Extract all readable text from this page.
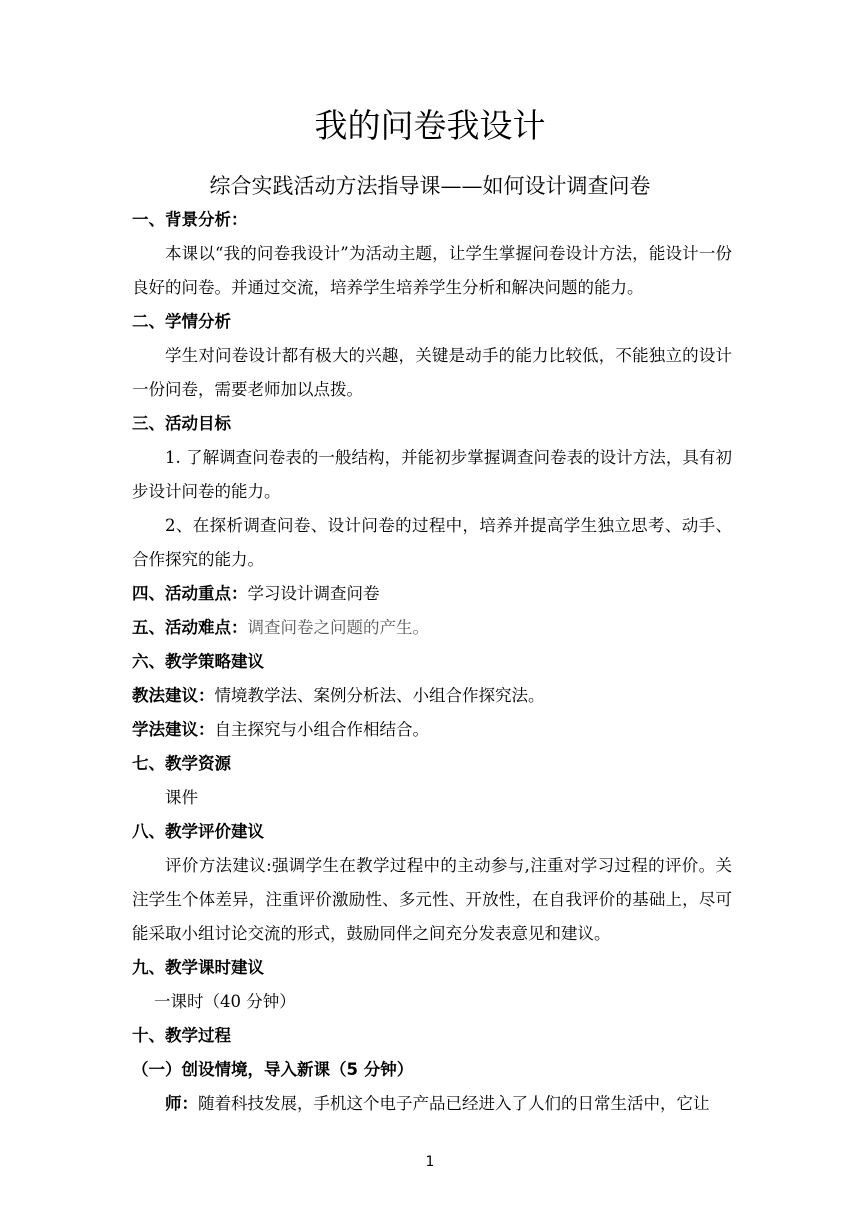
我的问卷我设计
综合实践活动方法指导课——如何设计调查问卷

一、背景分析：

本课以“我的问卷我设计”为活动主题，让学生掌握问卷设计方法，能设计一份良好的问卷。并通过交流，培养学生培养学生分析和解决问题的能力。

二、学情分析

学生对问卷设计都有极大的兴趣，关键是动手的能力比较低，不能独立的设计一份问卷，需要老师加以点拨。

三、活动目标

1. 了解调查问卷表的一般结构，并能初步掌握调查问卷表的设计方法，具有初步设计问卷的能力。

2、在探析调查问卷、设计问卷的过程中，培养并提高学生独立思考、动手、合作探究的能力。

四、活动重点：学习设计调查问卷

五、活动难点：调查问卷之问题的产生。

六、教学策略建议

教法建议：情境教学法、案例分析法、小组合作探究法。

学法建议：自主探究与小组合作相结合。

七、教学资源

课件

八、教学评价建议

评价方法建议:强调学生在教学过程中的主动参与,注重对学习过程的评价。关注学生个体差异，注重评价激励性、多元性、开放性，在自我评价的基础上，尽可能采取小组讨论交流的形式，鼓励同伴之间充分发表意见和建议。

九、教学课时建议

一课时（40 分钟）

十、教学过程

（一）创设情境，导入新课（5 分钟）

师：随着科技发展，手机这个电子产品已经进入了人们的日常生活中，它让

1
